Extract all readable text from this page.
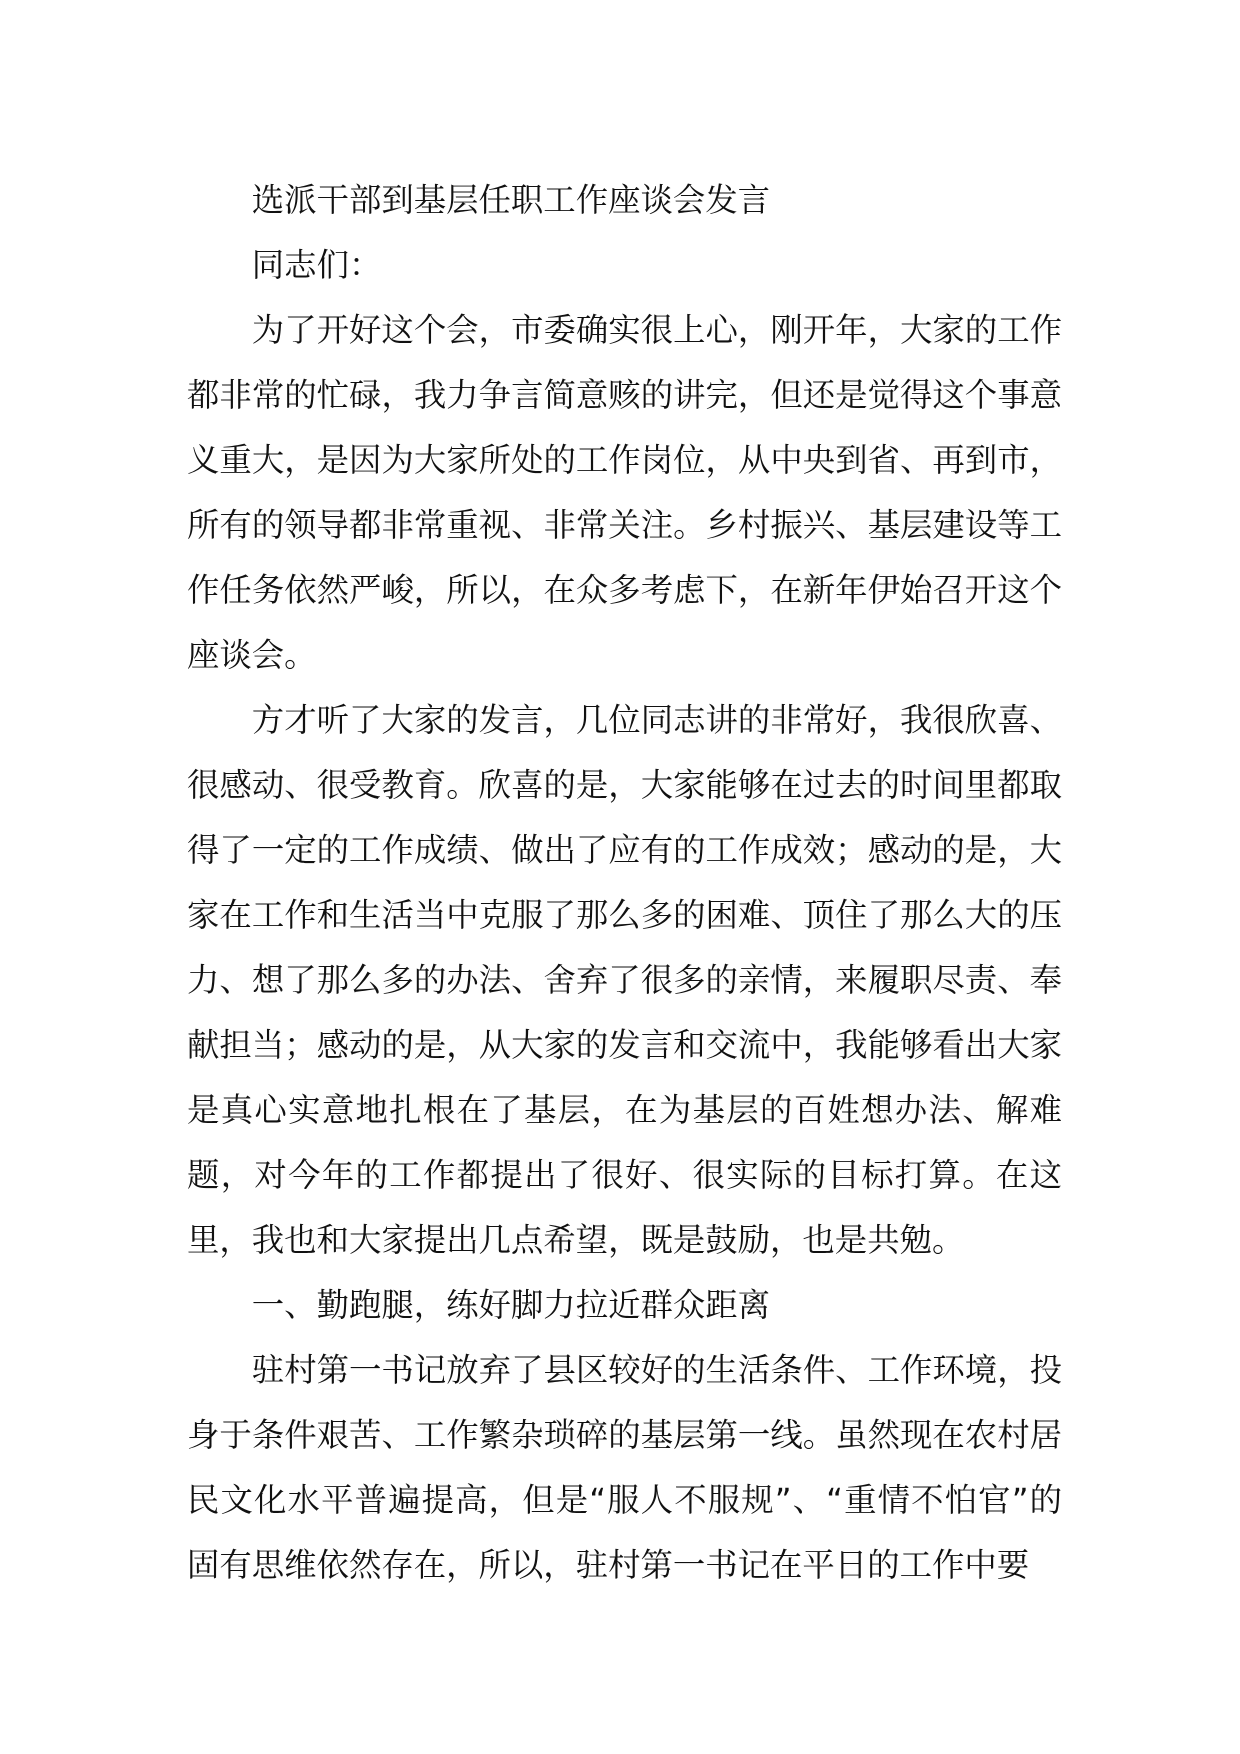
选派干部到基层任职工作座谈会发言

同志们：

为了开好这个会，市委确实很上心，刚开年，大家的工作都非常的忙碌，我力争言简意赅的讲完，但还是觉得这个事意义重大，是因为大家所处的工作岗位，从中央到省、再到市，所有的领导都非常重视、非常关注。乡村振兴、基层建设等工作任务依然严峻，所以，在众多考虑下，在新年伊始召开这个座谈会。

方才听了大家的发言，几位同志讲的非常好，我很欣喜、很感动、很受教育。欣喜的是，大家能够在过去的时间里都取得了一定的工作成绩、做出了应有的工作成效；感动的是，大家在工作和生活当中克服了那么多的困难、顶住了那么大的压力、想了那么多的办法、舍弃了很多的亲情，来履职尽责、奉献担当；感动的是，从大家的发言和交流中，我能够看出大家是真心实意地扎根在了基层，在为基层的百姓想办法、解难题，对今年的工作都提出了很好、很实际的目标打算。在这里，我也和大家提出几点希望，既是鼓励，也是共勉。

一、勤跑腿，练好脚力拉近群众距离

驻村第一书记放弃了县区较好的生活条件、工作环境，投身于条件艰苦、工作繁杂琐碎的基层第一线。虽然现在农村居民文化水平普遍提高，但是“服人不服规”、“重情不怕官”的固有思维依然存在，所以，驻村第一书记在平日的工作中要
